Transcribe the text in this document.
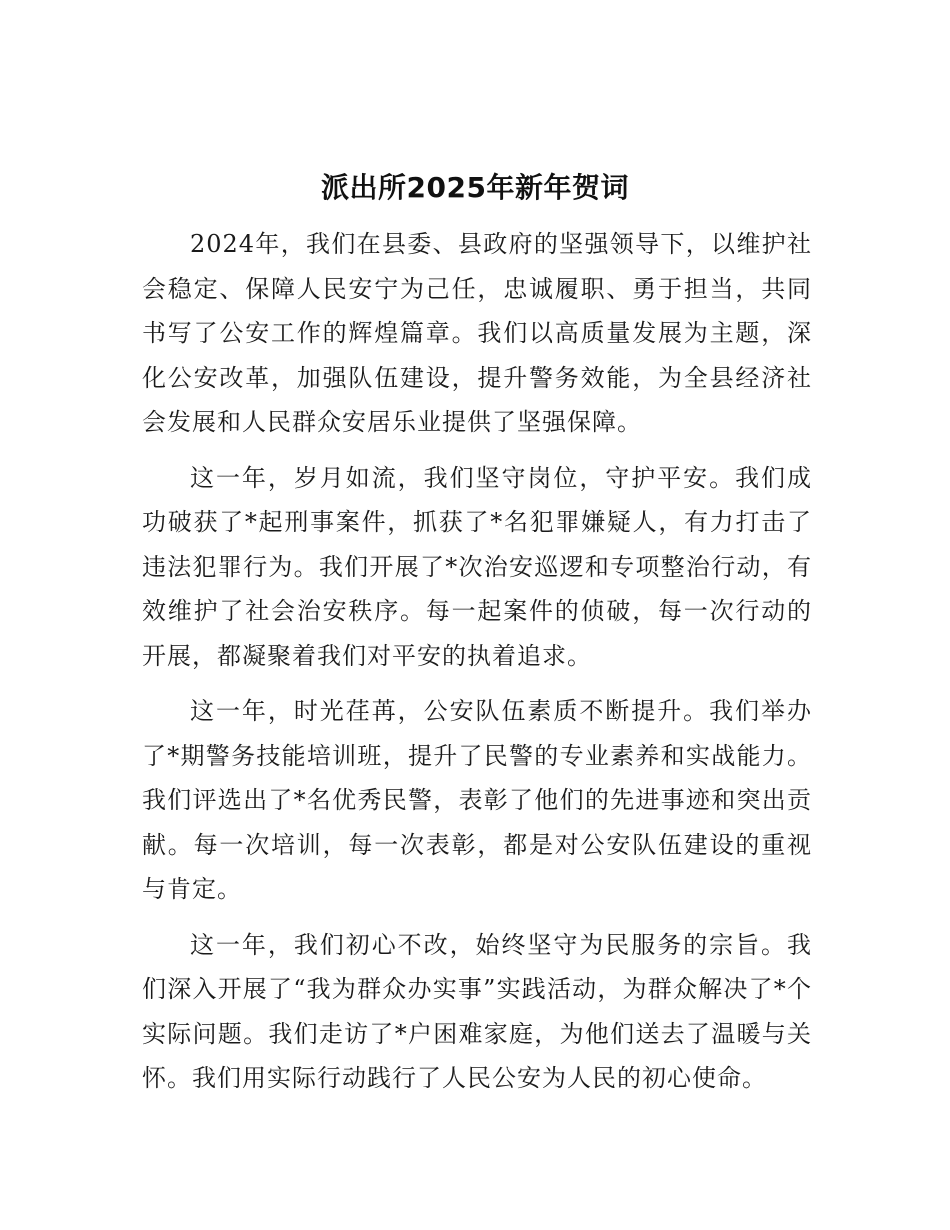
派出所2025年新年贺词

2024年，我们在县委、县政府的坚强领导下，以维护社会稳定、保障人民安宁为己任，忠诚履职、勇于担当，共同书写了公安工作的辉煌篇章。我们以高质量发展为主题，深化公安改革，加强队伍建设，提升警务效能，为全县经济社会发展和人民群众安居乐业提供了坚强保障。

这一年，岁月如流，我们坚守岗位，守护平安。我们成功破获了*起刑事案件，抓获了*名犯罪嫌疑人，有力打击了违法犯罪行为。我们开展了*次治安巡逻和专项整治行动，有效维护了社会治安秩序。每一起案件的侦破，每一次行动的开展，都凝聚着我们对平安的执着追求。

这一年，时光荏苒，公安队伍素质不断提升。我们举办了*期警务技能培训班，提升了民警的专业素养和实战能力。我们评选出了*名优秀民警，表彰了他们的先进事迹和突出贡献。每一次培训，每一次表彰，都是对公安队伍建设的重视与肯定。

这一年，我们初心不改，始终坚守为民服务的宗旨。我们深入开展了“我为群众办实事”实践活动，为群众解决了*个实际问题。我们走访了*户困难家庭，为他们送去了温暖与关怀。我们用实际行动践行了人民公安为人民的初心使命。
